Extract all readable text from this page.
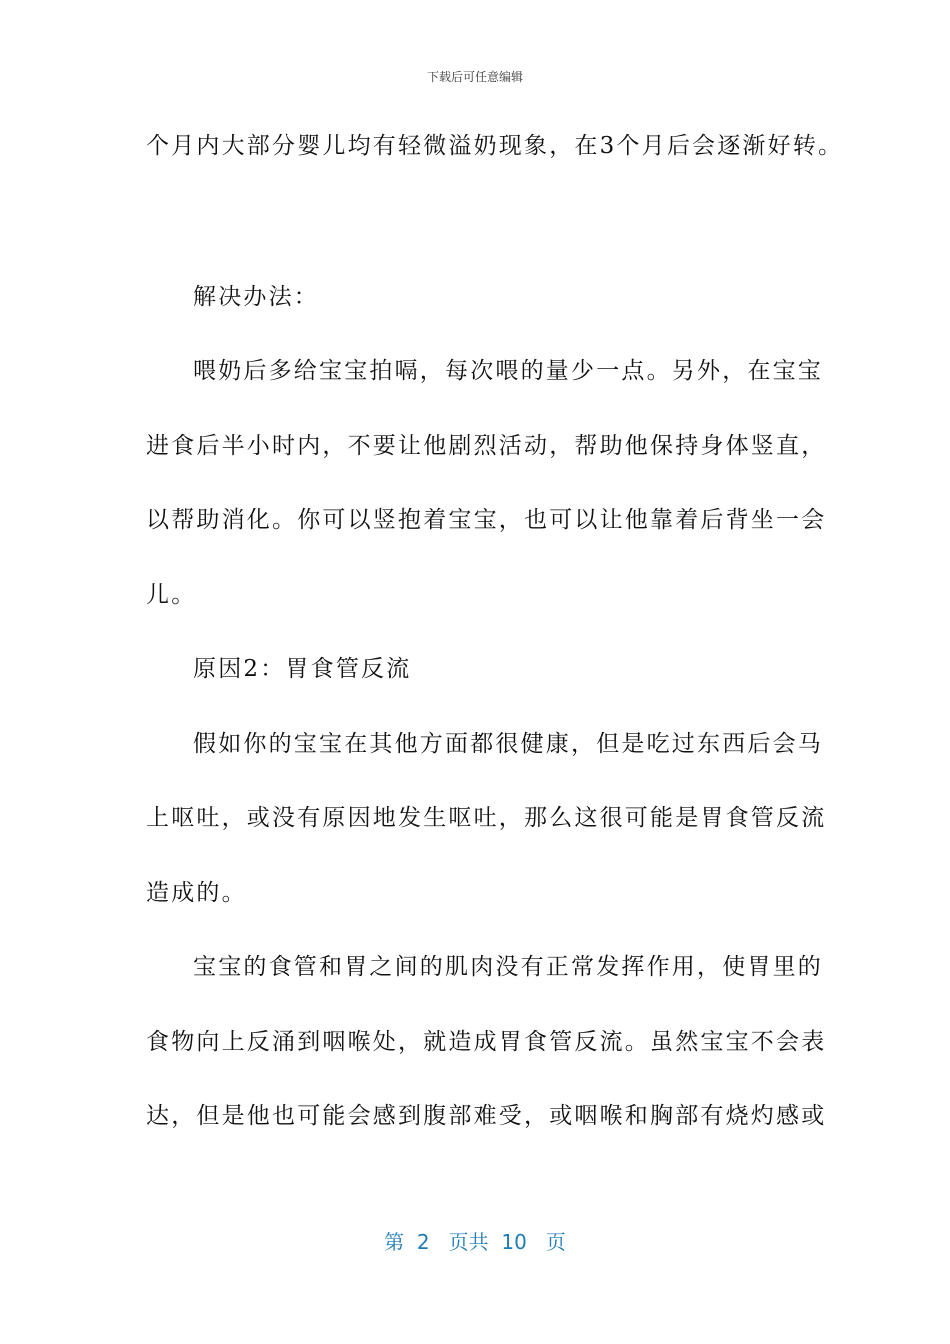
下载后可任意编辑
个月内大部分婴儿均有轻微溢奶现象，在3个月后会逐渐好转。
解决办法：
喂奶后多给宝宝拍嗝，每次喂的量少一点。另外，在宝宝
进食后半小时内，不要让他剧烈活动，帮助他保持身体竖直，
以帮助消化。你可以竖抱着宝宝，也可以让他靠着后背坐一会
儿。
原因2：胃食管反流
假如你的宝宝在其他方面都很健康，但是吃过东西后会马
上呕吐，或没有原因地发生呕吐，那么这很可能是胃食管反流
造成的。
宝宝的食管和胃之间的肌肉没有正常发挥作用，使胃里的
食物向上反涌到咽喉处，就造成胃食管反流。虽然宝宝不会表
达，但是他也可能会感到腹部难受，或咽喉和胸部有烧灼感或
第  2   页共  10   页
